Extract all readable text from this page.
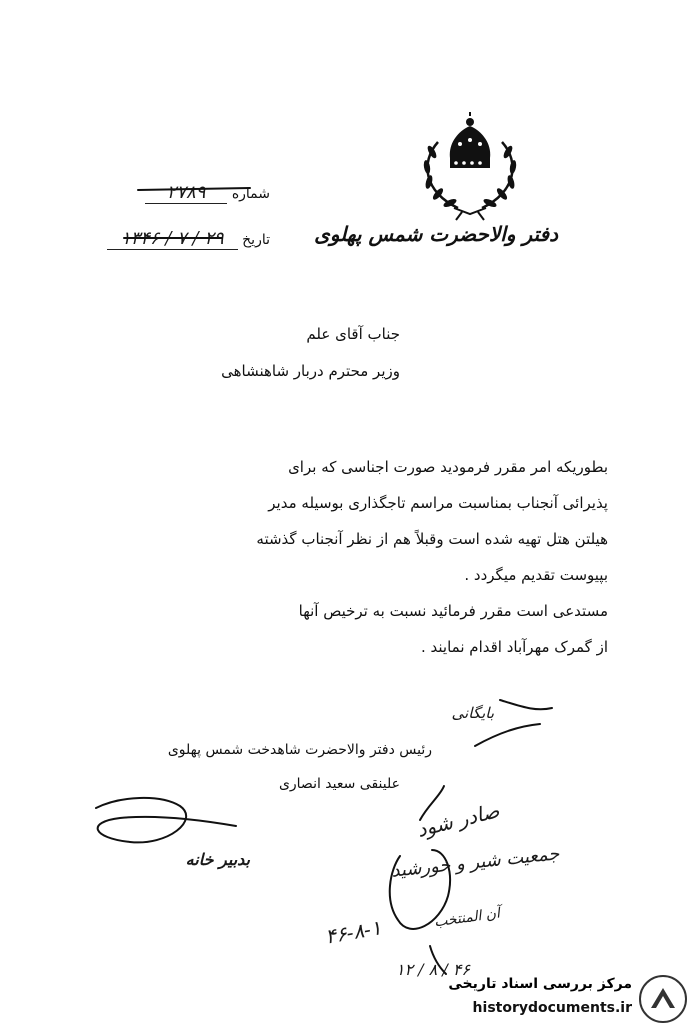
دفتر والاحضرت شمس پهلوی
شماره ۲۷۸۹
تاریخ ۲۹ / ۷ / ۱۳۴۶
جناب آقای علم
وزیر محترم دربار شاهنشاهی
بطوریکه امر مقرر فرمودید صورت اجناسی که برای
پذیرائی آنجناب بمناسبت مراسم تاجگذاری بوسیله مدیر
هیلتن هتل تهیه شده است وقبلاً هم از نظر آنجناب گذشته
بپیوست تقدیم میگردد .
مستدعی است مقرر فرمائید نسبت به ترخیص آنها
از گمرک مهرآباد اقدام نمایند .
بایگانی
رئیس دفتر والاحضرت شاهدخت شمس پهلوی
علینقی سعید انصاری
بدبیر خانه
صادر شود
جمعیت شیر و خورشید
آن المنتخب
۴۶-۸-۱
۱۲ / ۸ / ۴۶
مرکز بررسی اسناد تاریخی
historydocuments.ir
